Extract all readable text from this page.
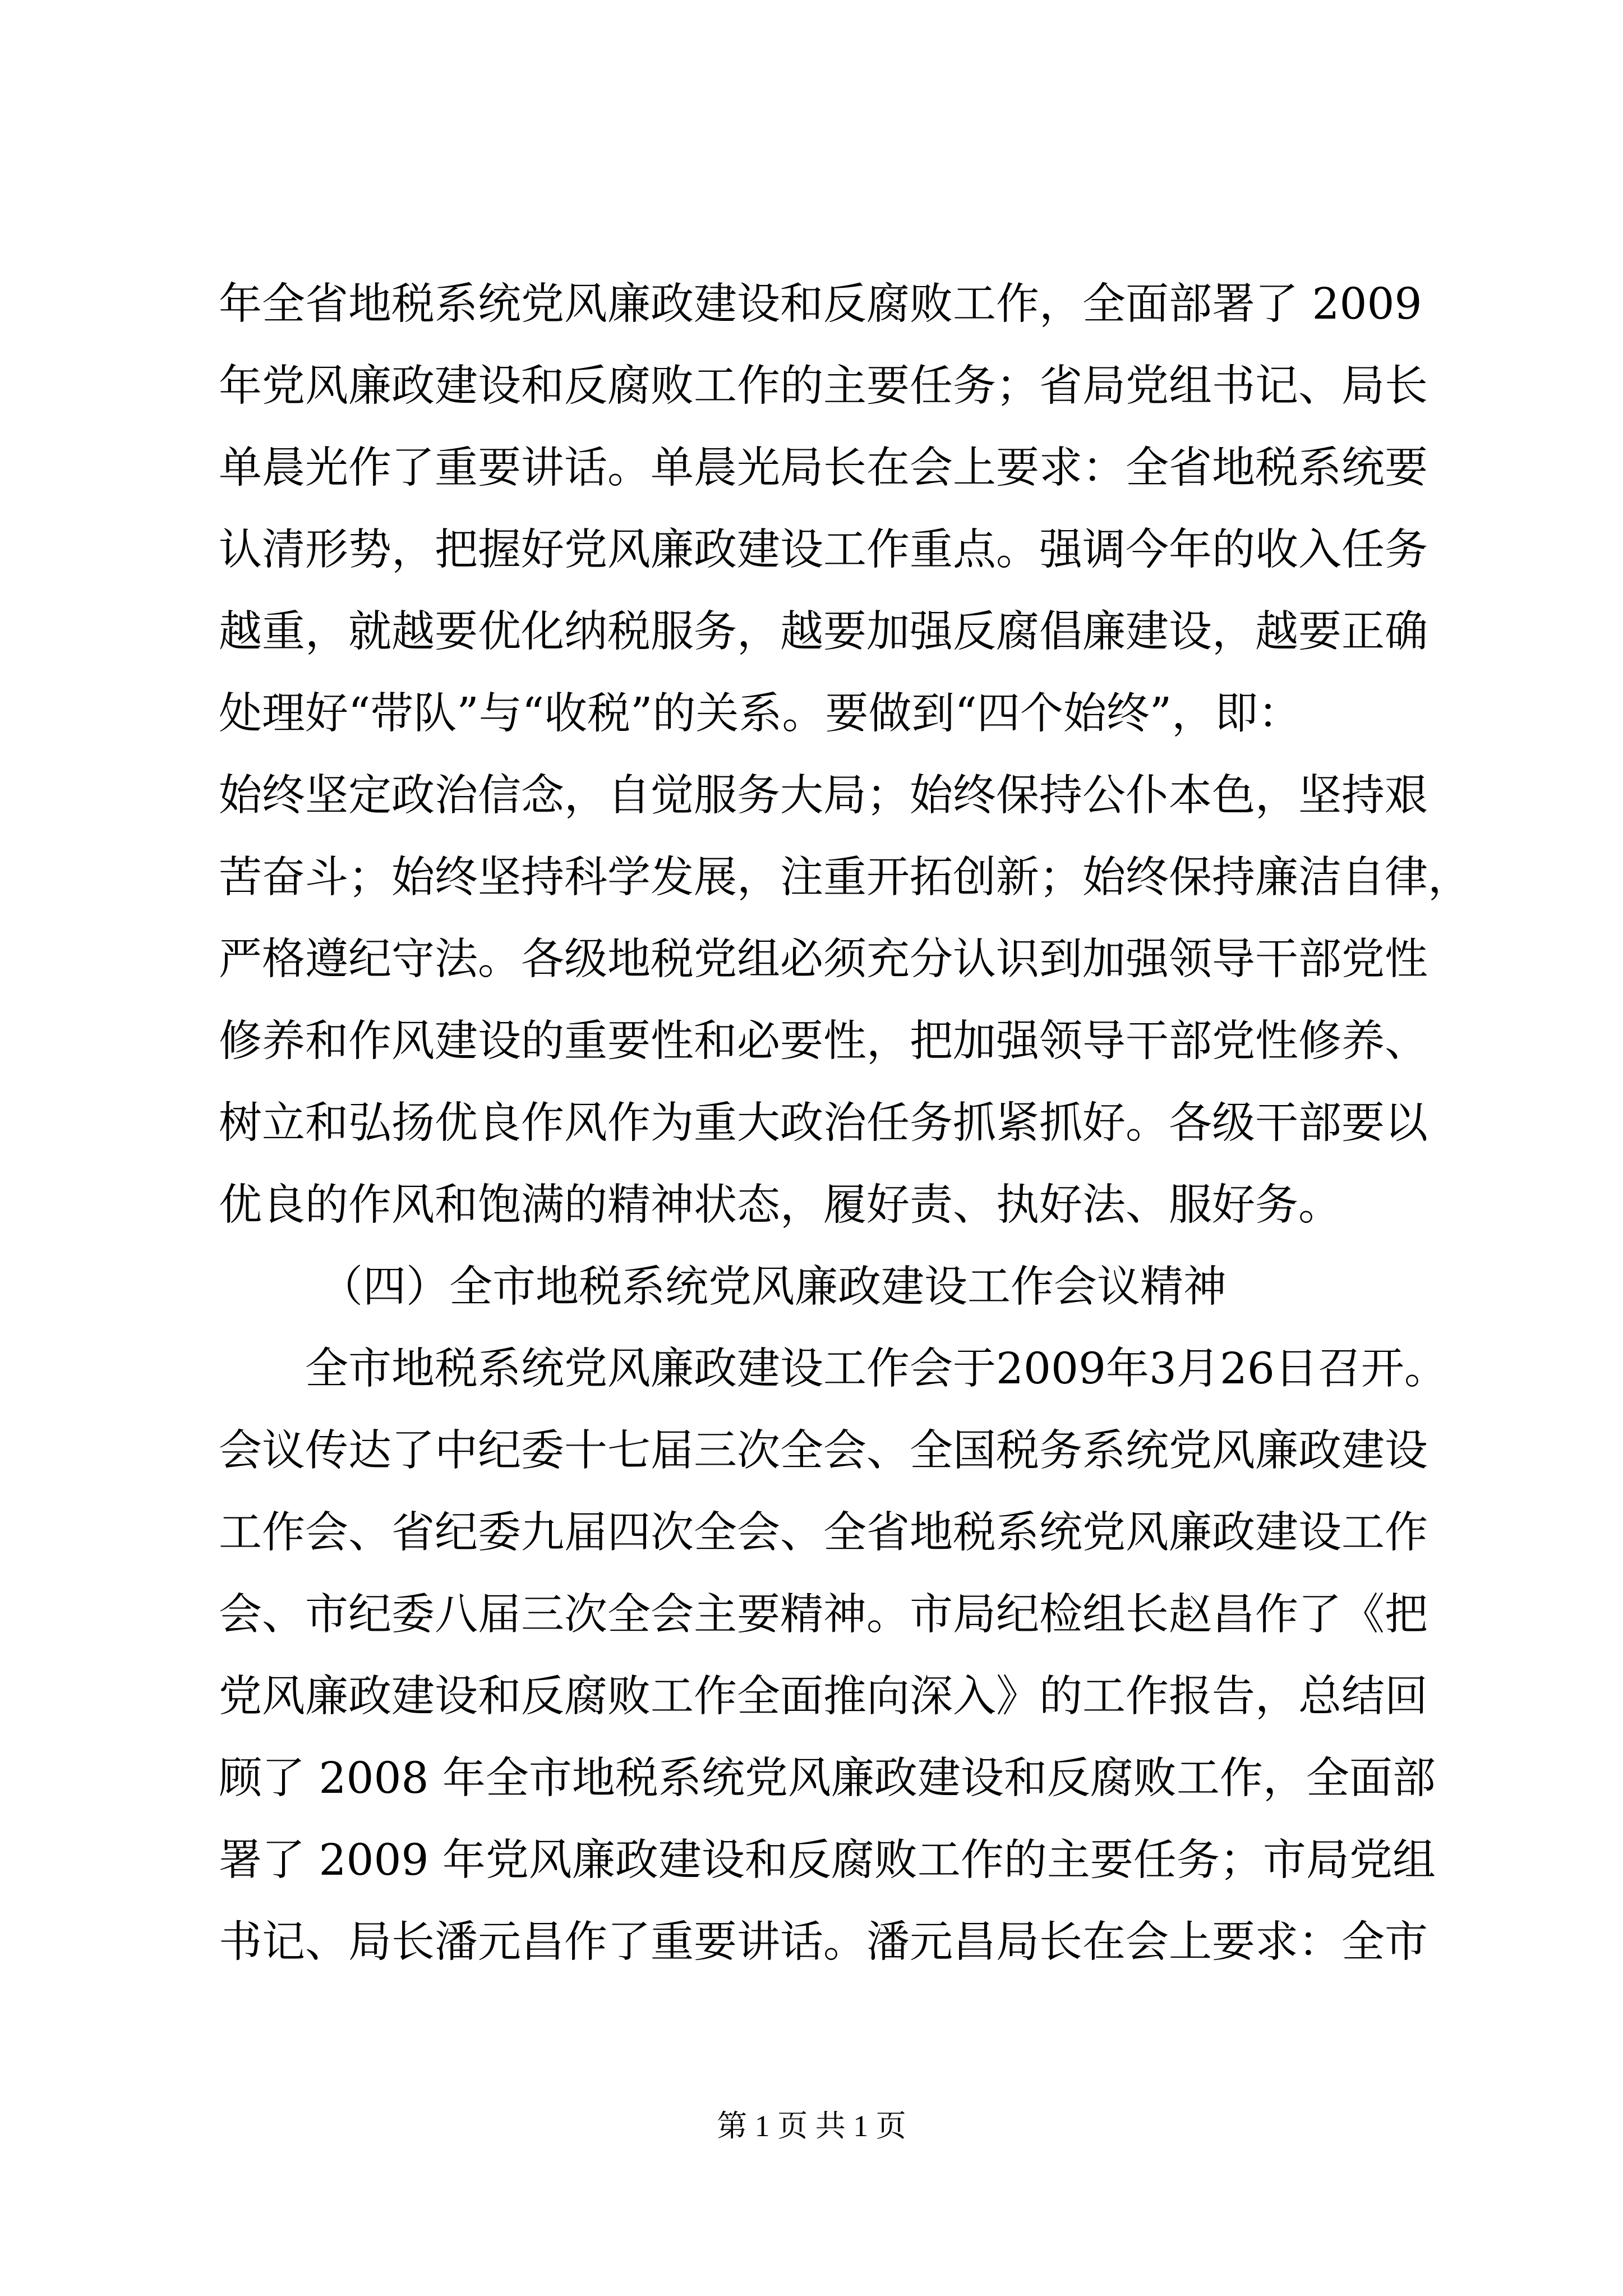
年全省地税系统党风廉政建设和反腐败工作，全面部署了 2009
年党风廉政建设和反腐败工作的主要任务；省局党组书记、局长
单晨光作了重要讲话。单晨光局长在会上要求：全省地税系统要
认清形势，把握好党风廉政建设工作重点。强调今年的收入任务
越重，就越要优化纳税服务，越要加强反腐倡廉建设，越要正确
处理好“带队”与“收税”的关系。要做到“四个始终”，即：
始终坚定政治信念，自觉服务大局；始终保持公仆本色，坚持艰
苦奋斗；始终坚持科学发展，注重开拓创新；始终保持廉洁自律，
严格遵纪守法。各级地税党组必须充分认识到加强领导干部党性
修养和作风建设的重要性和必要性，把加强领导干部党性修养、
树立和弘扬优良作风作为重大政治任务抓紧抓好。各级干部要以
优良的作风和饱满的精神状态，履好责、执好法、服好务。
（四）全市地税系统党风廉政建设工作会议精神
全市地税系统党风廉政建设工作会于2009年3月26日召开。
会议传达了中纪委十七届三次全会、全国税务系统党风廉政建设
工作会、省纪委九届四次全会、全省地税系统党风廉政建设工作
会、市纪委八届三次全会主要精神。市局纪检组长赵昌作了《把
党风廉政建设和反腐败工作全面推向深入》的工作报告，总结回
顾了 2008 年全市地税系统党风廉政建设和反腐败工作，全面部
署了 2009 年党风廉政建设和反腐败工作的主要任务；市局党组
书记、局长潘元昌作了重要讲话。潘元昌局长在会上要求：全市
第 1 页 共 1 页
